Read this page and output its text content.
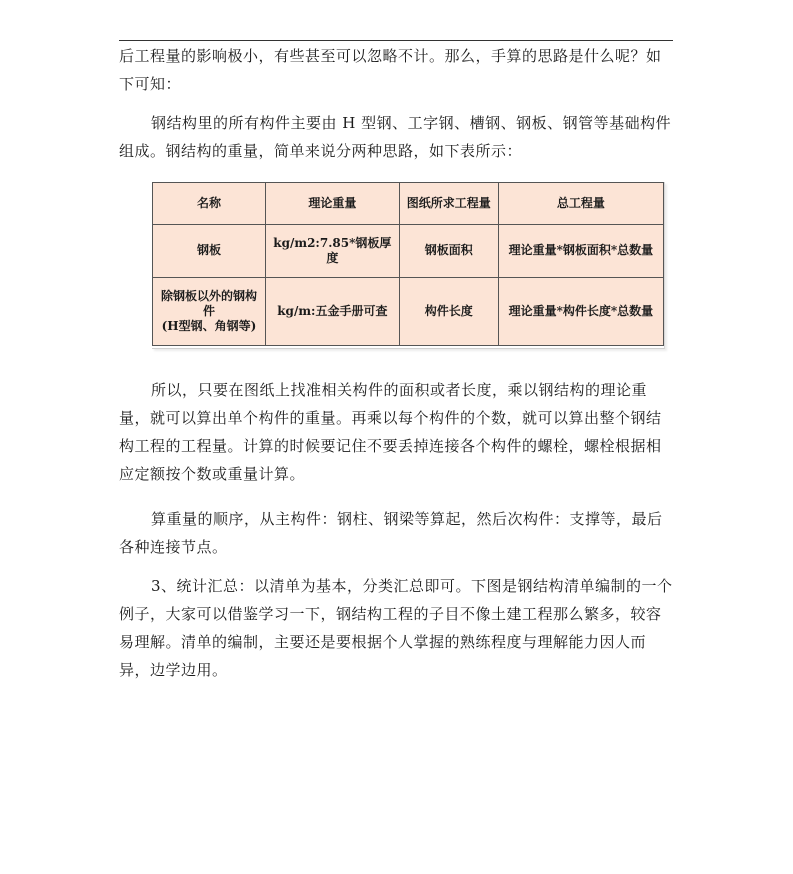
后工程量的影响极小，有些甚至可以忽略不计。那么，手算的思路是什么呢？如下可知：

钢结构里的所有构件主要由 H 型钢、工字钢、槽钢、钢板、钢管等基础构件组成。钢结构的重量，简单来说分两种思路，如下表所示：

名称	理论重量	图纸所求工程量	总工程量
钢板	kg/m2:7.85*钢板厚度	钢板面积	理论重量*钢板面积*总数量

除钢板以外的钢构件
(H型钢、角钢等)	kg/m:五金手册可查	构件长度	理论重量*构件长度*总数量

所以，只要在图纸上找准相关构件的面积或者长度，乘以钢结构的理论重量，就可以算出单个构件的重量。再乘以每个构件的个数，就可以算出整个钢结构工程的工程量。计算的时候要记住不要丢掉连接各个构件的螺栓，螺栓根据相应定额按个数或重量计算。

算重量的顺序，从主构件：钢柱、钢梁等算起，然后次构件：支撑等，最后各种连接节点。

3、统计汇总：以清单为基本，分类汇总即可。下图是钢结构清单编制的一个例子，大家可以借鉴学习一下，钢结构工程的子目不像土建工程那么繁多，较容易理解。清单的编制，主要还是要根据个人掌握的熟练程度与理解能力因人而异，边学边用。
